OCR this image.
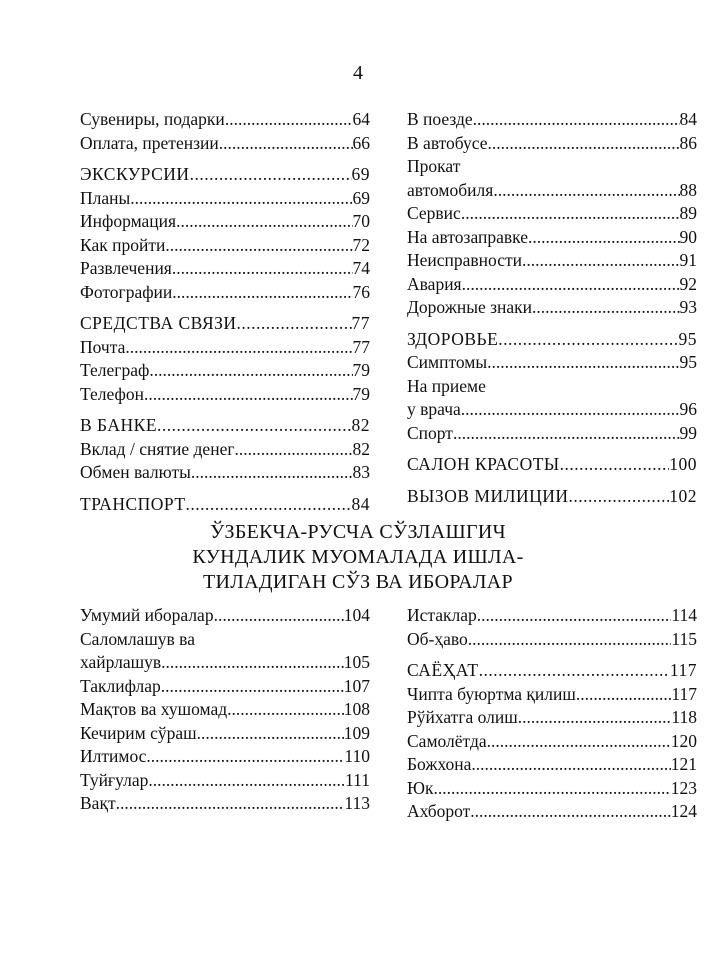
4
Сувениры, подарки .....	64
Оплата, претензии .....	66
ЭКСКУРСИИ .....	69
Планы .....	69
Информация .....	70
Как пройти .....	72
Развлечения .....	74
Фотографии .....	76
СРЕДСТВА СВЯЗИ .....	77
Почта .....	77
Телеграф .....	79
Телефон .....	79
В БАНКЕ .....	82
Вклад / снятие денег .....	82
Обмен валюты .....	83
ТРАНСПОРТ .....	84
В поезде .....	84
В автобусе .....	86
Прокат
автомобиля .....	88
Сервис .....	89
На автозаправке .....	90
Неисправности .....	91
Авария .....	92
Дорожные знаки .....	93
ЗДОРОВЬЕ .....	95
Симптомы .....	95
На приеме
у врача .....	96
Спорт .....	99
САЛОН КРАСОТЫ .....	100
ВЫЗОВ МИЛИЦИИ .....	102
ЎЗБЕКЧА-РУСЧА СЎЗЛАШГИЧ
КУНДАЛИК МУОМАЛАДА ИШЛА-
ТИЛАДИГАН СЎЗ ВА ИБОРАЛАР
Умумий иборалар .....	104
Саломлашув ва
хайрлашув .....	105
Таклифлар .....	107
Мақтов ва хушомад .....	108
Кечирим сўраш .....	109
Илтимос .....	110
Туйғулар .....	111
Вақт .....	113
Истаклар .....	114
Об-ҳаво .....	115
САЁҲАТ .....	117
Чипта буюртма қилиш .....	117
Рўйхатга олиш .....	118
Самолётда .....	120
Божхона .....	121
Юк .....	123
Ахборот .....	124
